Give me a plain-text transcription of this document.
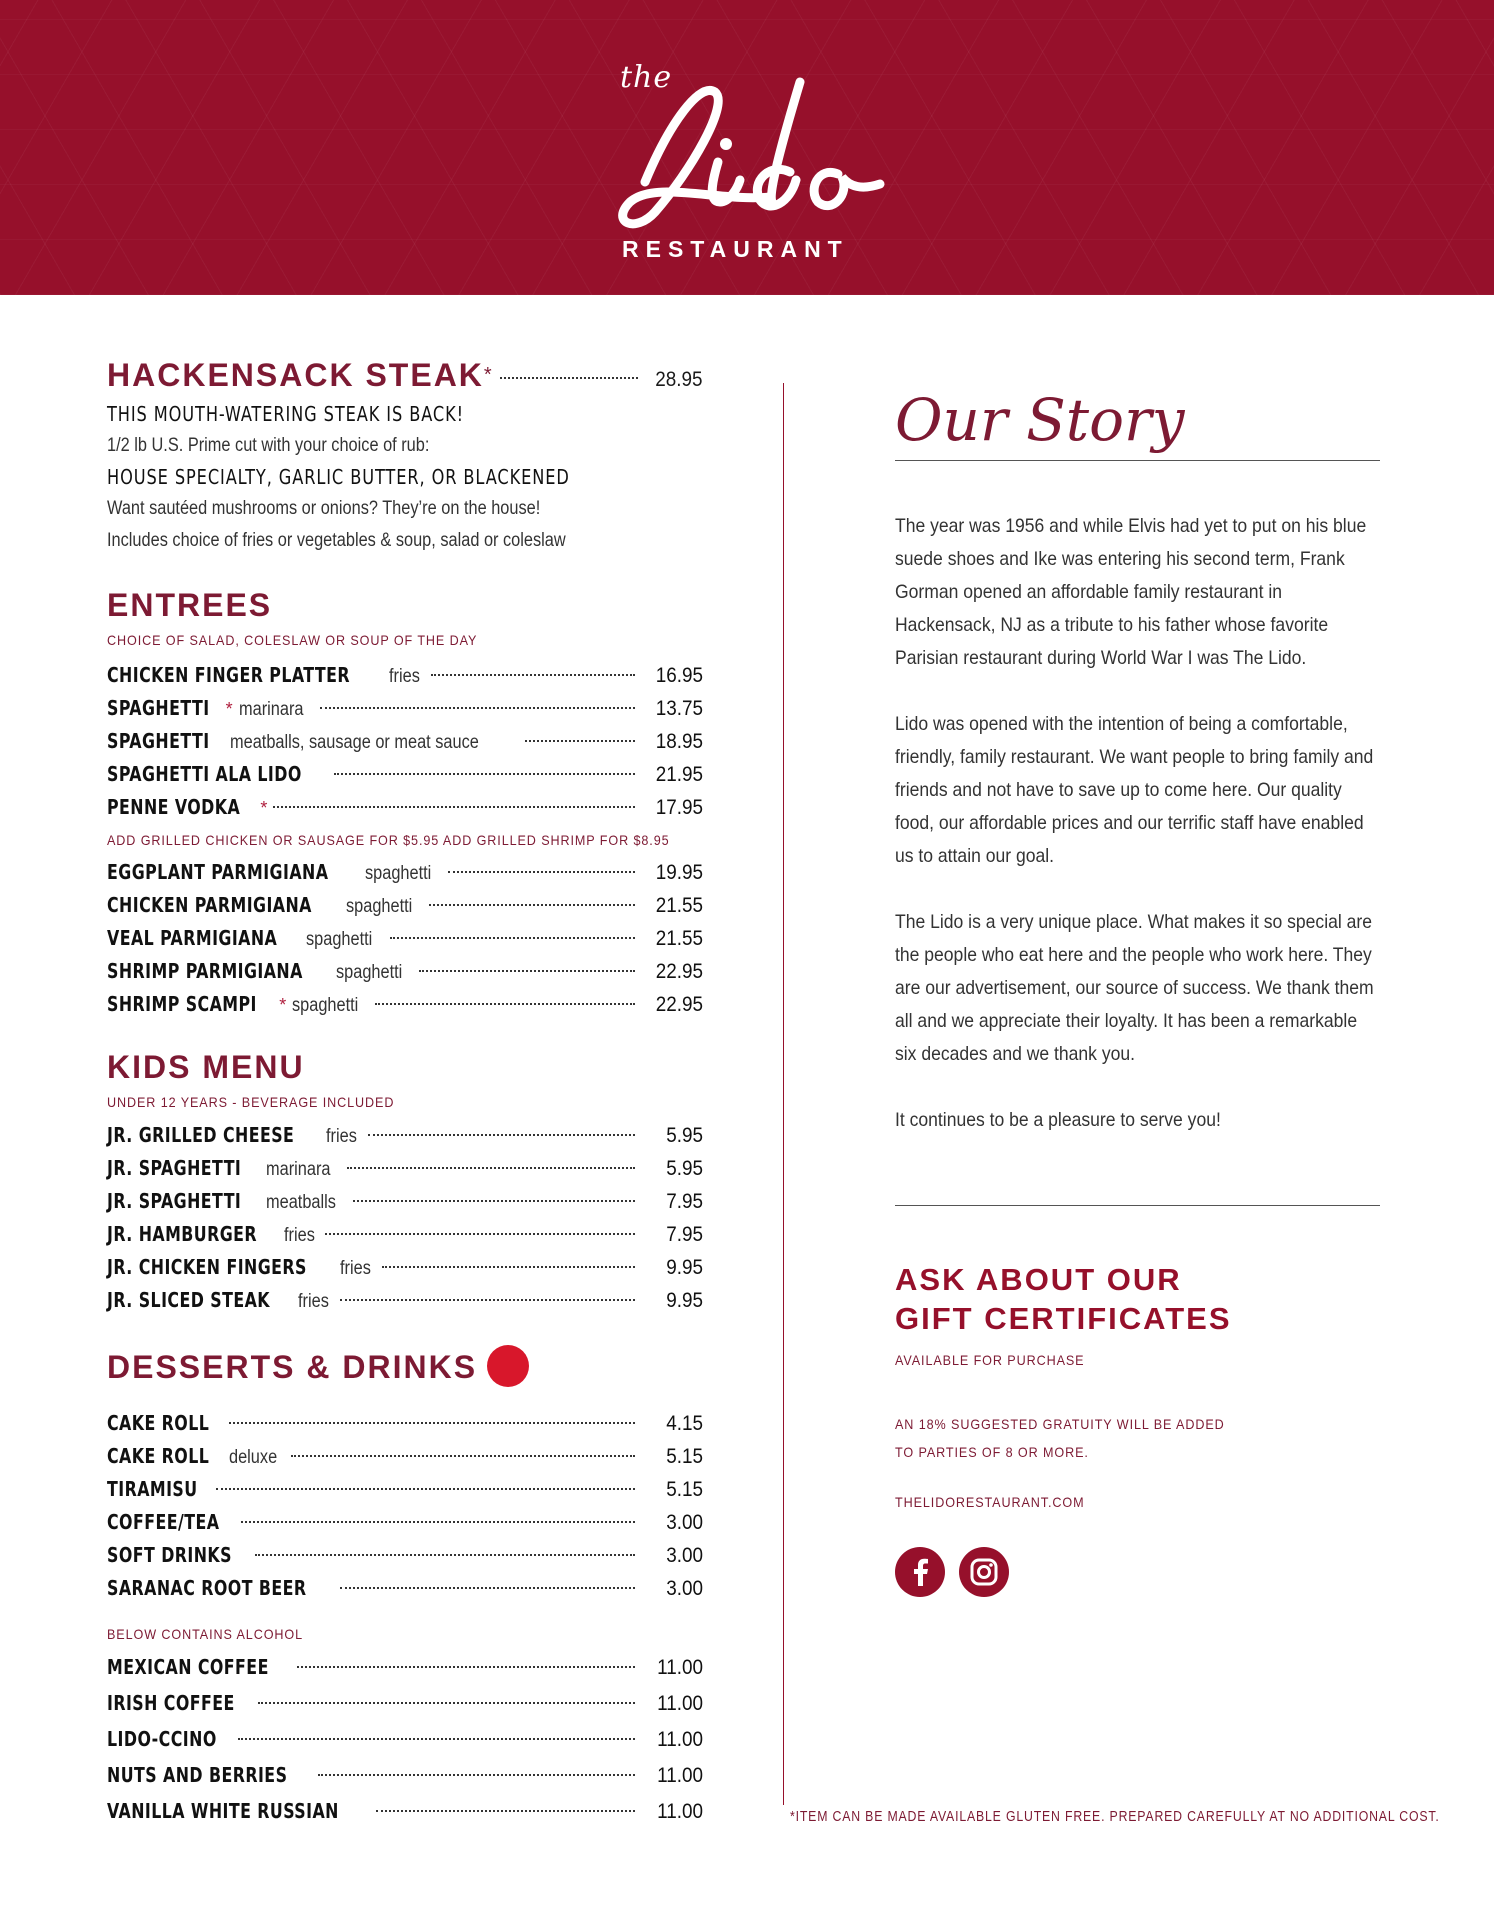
the
RESTAURANT
HACKENSACK STEAK*	28.95
THIS MOUTH-WATERING STEAK IS BACK!
1/2 lb U.S. Prime cut with your choice of rub:
HOUSE SPECIALTY, GARLIC BUTTER, OR BLACKENED
Want sautéed mushrooms or onions? They’re on the house!
Includes choice of fries or vegetables & soup, salad or coleslaw
ENTREES
CHOICE OF SALAD, COLESLAW OR SOUP OF THE DAY
CHICKEN FINGER PLATTER fries	16.95
SPAGHETTI * marinara	13.75
SPAGHETTI meatballs, sausage or meat sauce	18.95
SPAGHETTI ALA LIDO	21.95
PENNE VODKA *	17.95
ADD GRILLED CHICKEN OR SAUSAGE FOR $5.95 ADD GRILLED SHRIMP FOR $8.95
EGGPLANT PARMIGIANA spaghetti	19.95
CHICKEN PARMIGIANA spaghetti	21.55
VEAL PARMIGIANA spaghetti	21.55
SHRIMP PARMIGIANA spaghetti	22.95
SHRIMP SCAMPI * spaghetti	22.95
KIDS MENU
UNDER 12 YEARS - BEVERAGE INCLUDED
JR. GRILLED CHEESE fries	5.95
JR. SPAGHETTI marinara	5.95
JR. SPAGHETTI meatballs	7.95
JR. HAMBURGER fries	7.95
JR. CHICKEN FINGERS fries	9.95
JR. SLICED STEAK fries	9.95
DESSERTS & DRINKS
CAKE ROLL	4.15
CAKE ROLL deluxe	5.15
TIRAMISU	5.15
COFFEE/TEA	3.00
SOFT DRINKS	3.00
SARANAC ROOT BEER	3.00
BELOW CONTAINS ALCOHOL
MEXICAN COFFEE	11.00
IRISH COFFEE	11.00
LIDO-CCINO	11.00
NUTS AND BERRIES	11.00
VANILLA WHITE RUSSIAN	11.00
Our Story

The year was 1956 and while Elvis had yet to put on his blue suede shoes and Ike was entering his second term, Frank Gorman opened an affordable family restaurant in Hackensack, NJ as a tribute to his father whose favorite Parisian restaurant during World War I was The Lido.

Lido was opened with the intention of being a comfortable, friendly, family restaurant. We want people to bring family and friends and not have to save up to come here. Our quality food, our affordable prices and our terrific staff have enabled us to attain our goal.

The Lido is a very unique place. What makes it so special are the people who eat here and the people who work here. They are our advertisement, our source of success. We thank them all and we appreciate their loyalty. It has been a remarkable six decades and we thank you.

It continues to be a pleasure to serve you!

ASK ABOUT OUR
GIFT CERTIFICATES
AVAILABLE FOR PURCHASE
AN 18% SUGGESTED GRATUITY WILL BE ADDED
TO PARTIES OF 8 OR MORE.
THELIDORESTAURANT.COM
*ITEM CAN BE MADE AVAILABLE GLUTEN FREE. PREPARED CAREFULLY AT NO ADDITIONAL COST.
